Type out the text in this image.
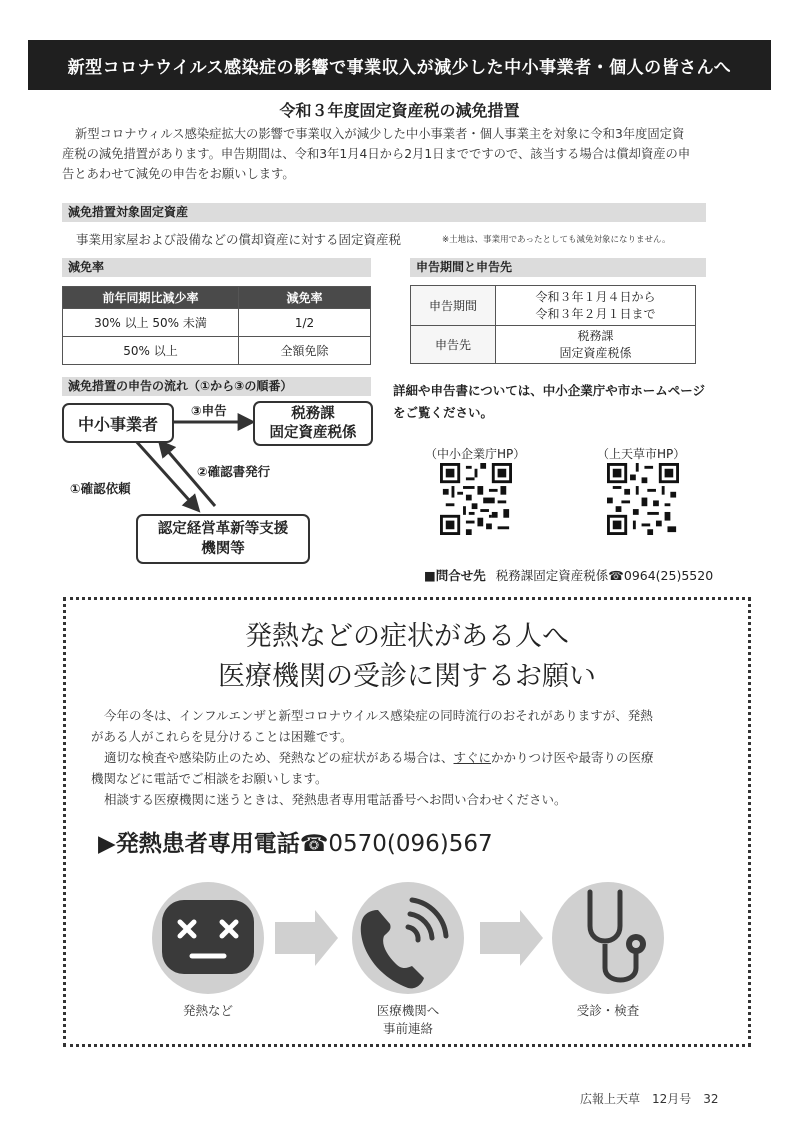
新型コロナウイルス感染症の影響で事業収入が減少した中小事業者・個人の皆さんへ
令和３年度固定資産税の減免措置
新型コロナウィルス感染症拡大の影響で事業収入が減少した中小事業者・個人事業主を対象に令和3年度固定資
産税の減免措置があります。申告期間は、令和3年1月4日から2月1日までですので、該当する場合は償却資産の申
告とあわせて減免の申告をお願いします。
減免措置対象固定資産
事業用家屋および設備などの償却資産に対する固定資産税	※土地は、事業用であったとしても減免対象になりません。
減免率
前年同期比減少率	減免率
30% 以上 50% 未満	1/2
50% 以上	全額免除
申告期間と申告先
申告期間	令和３年１月４日から
令和３年２月１日まで

申告先	税務課
固定資産税係
減免措置の申告の流れ（①から③の順番）
中小事業者
税務課
固定資産税係
認定経営革新等支援
機関等
③申告
②確認書発行
①確認依頼
詳細や申告書については、中小企業庁や市ホームページ
をご覧ください。
（中小企業庁HP）	（上天草市HP）
■問合せ先 税務課固定資産税係☎0964(25)5520
発熱などの症状がある人へ
医療機関の受診に関するお願い
今年の冬は、インフルエンザと新型コロナウイルス感染症の同時流行のおそれがありますが、発熱
がある人がこれらを見分けることは困難です。
適切な検査や感染防止のため、発熱などの症状がある場合は、すぐにかかりつけ医や最寄りの医療
機関などに電話でご相談をお願いします。
相談する医療機関に迷うときは、発熱患者専用電話番号へお問い合わせください。
▶発熱患者専用電話☎0570(096)567
発熱など	医療機関へ
事前連絡
受診・検査
広報上天草　12月号　32
